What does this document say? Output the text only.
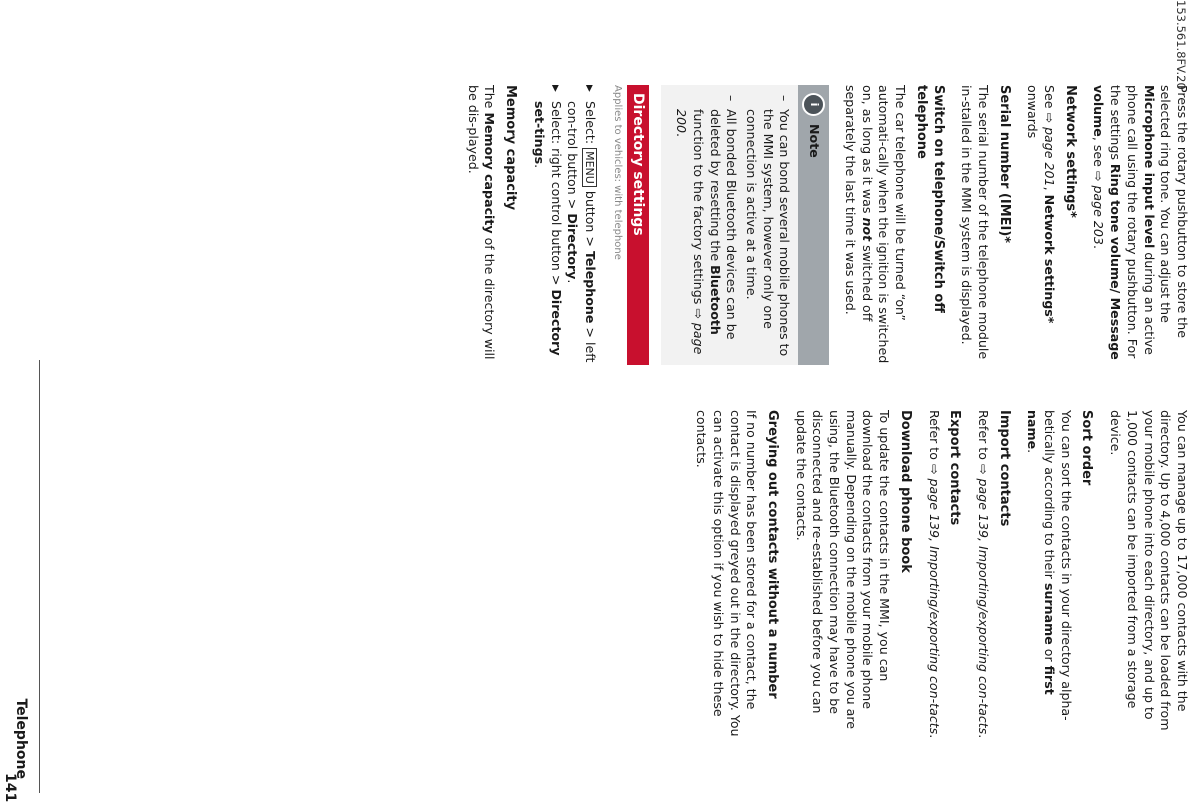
153.561.8FV.20
Telephone
141

Press the rotary pushbutton to store the selected ring tone. You can adjust the Microphone input level during an active phone call using the rotary pushbutton. For the settings Ring tone volume/ Message volume, see ⇨ page 203.

Network settings*

See ⇨ page 201, Network settings* onwards

Serial number (IMEI)*

The serial number of the telephone module in-stalled in the MMI system is displayed.

Switch on telephone/Switch off telephone

The car telephone will be turned “on” automati-cally when the ignition is switched on, as long as it was not switched off separately the last time it was used.

i
Note
– You can bond several mobile phones to the MMI system, however only one connection is active at a time.
– All bonded Bluetooth devices can be deleted by resetting the Bluetooth function to the factory settings ⇨ page 200.
Directory settings
Applies to vehicles: with telephone
▶ Select: MENU button > Telephone > left con-trol button > Directory.
▶ Select: right control button > Directory set-tings.
Memory capacity

The Memory capacity of the directory will be dis-played.

You can manage up to 17,000 contacts with the directory. Up to 4,000 contacts can be loaded from your mobile phone into each directory, and up to 1,000 contacts can be imported from a storage device.

Sort order

You can sort the contacts in your directory alpha-betically according to their surname or first name.

Import contacts

Refer to ⇨ page 139, Importing/exporting con-tacts.

Export contacts

Refer to ⇨ page 139, Importing/exporting con-tacts.

Download phone book

To update the contacts in the MMI, you can download the contacts from your mobile phone manually. Depending on the mobile phone you are using, the Bluetooth connection may have to be disconnected and re-established before you can update the contacts.

Greying out contacts without a number

If no number has been stored for a contact, the contact is displayed greyed out in the directory. You can activate this option if you wish to hide these contacts.
